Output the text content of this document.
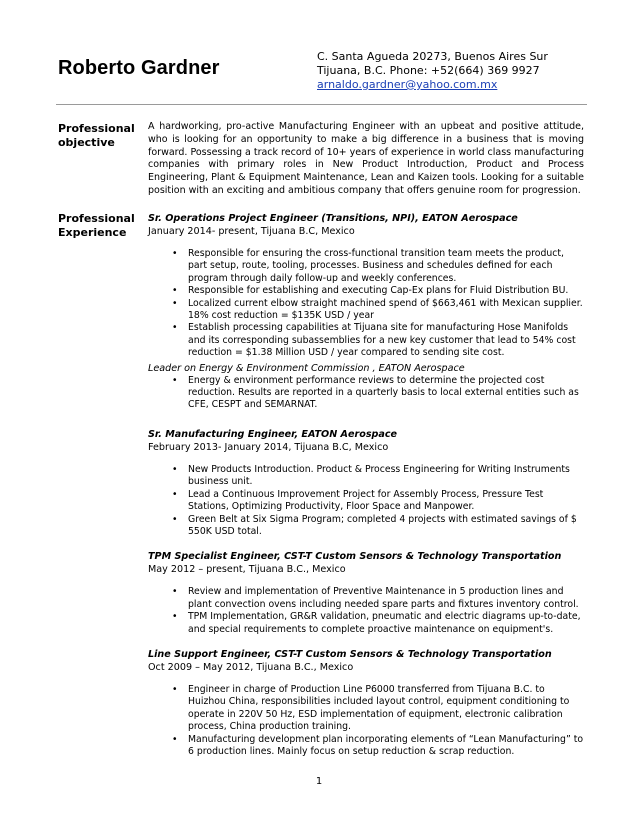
Roberto Gardner
C. Santa Agueda 20273, Buenos Aires Sur
Tijuana, B.C. Phone: +52(664) 369 9927
arnaldo.gardner@yahoo.com.mx
Professional
objective
A hardworking, pro-active Manufacturing Engineer with an upbeat and positive attitude, who is looking for an opportunity to make a big difference in a business that is moving forward. Possessing a track record of 10+ years of experience in world class manufacturing companies with primary roles in New Product Introduction, Product and Process Engineering, Plant & Equipment Maintenance, Lean and Kaizen tools. Looking for a suitable position with an exciting and ambitious company that offers genuine room for progression.
Professional
Experience
Sr. Operations Project Engineer (Transitions, NPI), EATON Aerospace
January 2014- present, Tijuana B.C, Mexico
• Responsible for ensuring the cross-functional transition team meets the product, part setup, route, tooling, processes. Business and schedules defined for each program through daily follow-up and weekly conferences.
• Responsible for establishing and executing Cap-Ex plans for Fluid Distribution BU.
• Localized current elbow straight machined spend of $663,461 with Mexican supplier. 18% cost reduction = $135K USD / year
• Establish processing capabilities at Tijuana site for manufacturing Hose Manifolds and its corresponding subassemblies for a new key customer that lead to 54% cost reduction = $1.38 Million USD / year compared to sending site cost.
Leader on Energy & Environment Commission , EATON Aerospace
• Energy & environment performance reviews to determine the projected cost reduction. Results are reported in a quarterly basis to local external entities such as CFE, CESPT and SEMARNAT.
Sr. Manufacturing Engineer, EATON Aerospace
February 2013- January 2014, Tijuana B.C, Mexico
• New Products Introduction. Product & Process Engineering for Writing Instruments business unit.
• Lead a Continuous Improvement Project for Assembly Process, Pressure Test Stations, Optimizing Productivity, Floor Space and Manpower.
• Green Belt at Six Sigma Program; completed 4 projects with estimated savings of $ 550K USD total.
TPM Specialist Engineer, CST-T Custom Sensors & Technology Transportation
May 2012 – present, Tijuana B.C., Mexico
• Review and implementation of Preventive Maintenance in 5 production lines and plant convection ovens including needed spare parts and fixtures inventory control.
• TPM Implementation, GR&R validation, pneumatic and electric diagrams up-to-date, and special requirements to complete proactive maintenance on equipment's.
Line Support Engineer, CST-T Custom Sensors & Technology Transportation
Oct 2009 – May 2012, Tijuana B.C., Mexico
• Engineer in charge of Production Line P6000 transferred from Tijuana B.C. to Huizhou China, responsibilities included layout control, equipment conditioning to operate in 220V 50 Hz, ESD implementation of equipment, electronic calibration process, China production training.
• Manufacturing development plan incorporating elements of “Lean Manufacturing” to 6 production lines. Mainly focus on setup reduction & scrap reduction.
1
